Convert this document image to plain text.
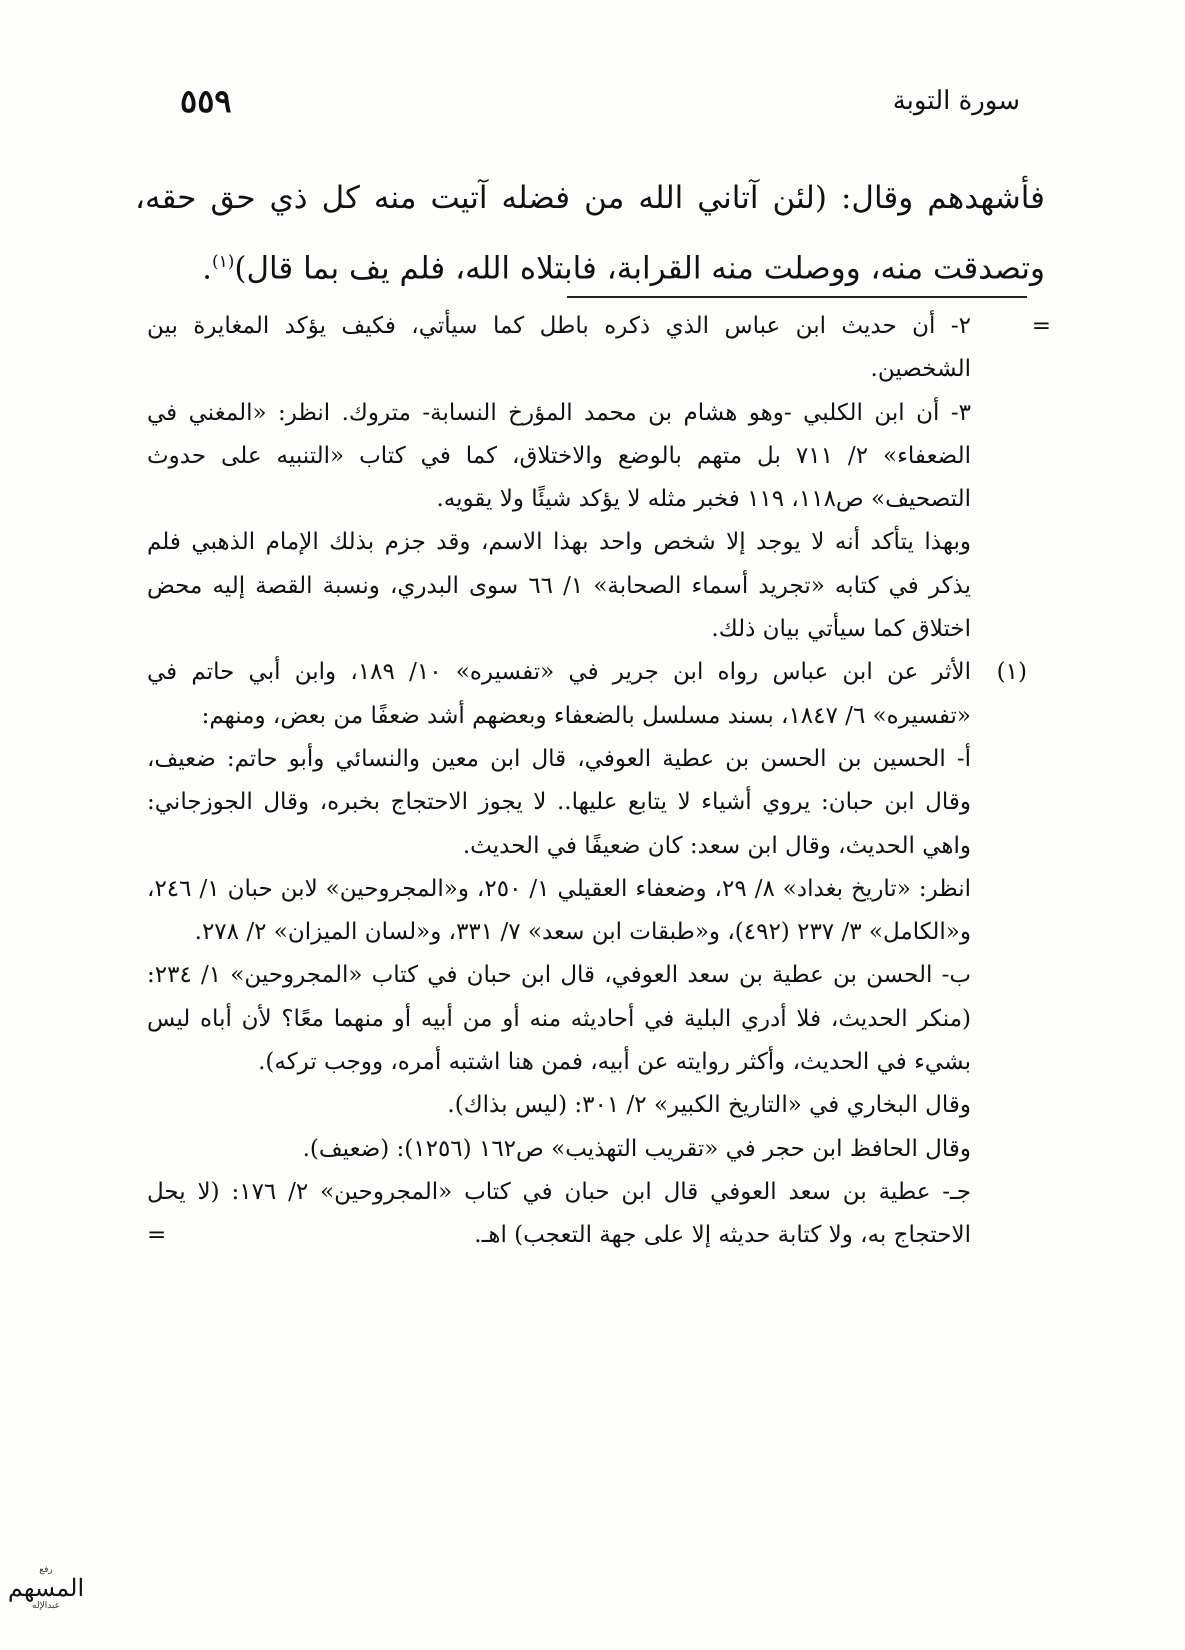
سورة التوبة
٥٥٩

فأشهدهم وقال: (لئن آتاني الله من فضله آتيت منه كل ذي حق حقه، وتصدقت منه، ووصلت منه القرابة، فابتلاه الله، فلم يف بما قال)$^{(١)}$.

=

٢- أن حديث ابن عباس الذي ذكره باطل كما سيأتي، فكيف يؤكد المغايرة بين الشخصين.

٣- أن ابن الكلبي -وهو هشام بن محمد المؤرخ النسابة- متروك. انظر: «المغني في الضعفاء» ٢/ ٧١١ بل متهم بالوضع والاختلاق، كما في كتاب «التنبيه على حدوث التصحيف» ص١١٨، ١١٩ فخبر مثله لا يؤكد شيئًا ولا يقويه.

وبهذا يتأكد أنه لا يوجد إلا شخص واحد بهذا الاسم، وقد جزم بذلك الإمام الذهبي فلم يذكر في كتابه «تجريد أسماء الصحابة» ١/ ٦٦ سوى البدري، ونسبة القصة إليه محض اختلاق كما سيأتي بيان ذلك.

(١)

الأثر عن ابن عباس رواه ابن جرير في «تفسيره» ١٠/ ١٨٩، وابن أبي حاتم في «تفسيره» ٦/ ١٨٤٧، بسند مسلسل بالضعفاء وبعضهم أشد ضعفًا من بعض، ومنهم:

أ- الحسين بن الحسن بن عطية العوفي، قال ابن معين والنسائي وأبو حاتم: ضعيف، وقال ابن حبان: يروي أشياء لا يتابع عليها.. لا يجوز الاحتجاج بخبره، وقال الجوزجاني: واهي الحديث، وقال ابن سعد: كان ضعيفًا في الحديث.

انظر: «تاريخ بغداد» ٨/ ٢٩، وضعفاء العقيلي ١/ ٢٥٠، و«المجروحين» لابن حبان ١/ ٢٤٦، و«الكامل» ٣/ ٢٣٧ (٤٩٢)، و«طبقات ابن سعد» ٧/ ٣٣١، و«لسان الميزان» ٢/ ٢٧٨.

ب- الحسن بن عطية بن سعد العوفي، قال ابن حبان في كتاب «المجروحين» ١/ ٢٣٤: (منكر الحديث، فلا أدري البلية في أحاديثه منه أو من أبيه أو منهما معًا؟ لأن أباه ليس بشيء في الحديث، وأكثر روايته عن أبيه، فمن هنا اشتبه أمره، ووجب تركه).

وقال البخاري في «التاريخ الكبير» ٢/ ٣٠١: (ليس بذاك).

وقال الحافظ ابن حجر في «تقريب التهذيب» ص١٦٢ (١٢٥٦): (ضعيف).

جـ- عطية بن سعد العوفي قال ابن حبان في كتاب «المجروحين» ٢/ ١٧٦: (لا يحل الاحتجاج به، ولا كتابة حديثه إلا على جهة التعجب) اهـ.

=
رفع
المسهم
عبدالإله
